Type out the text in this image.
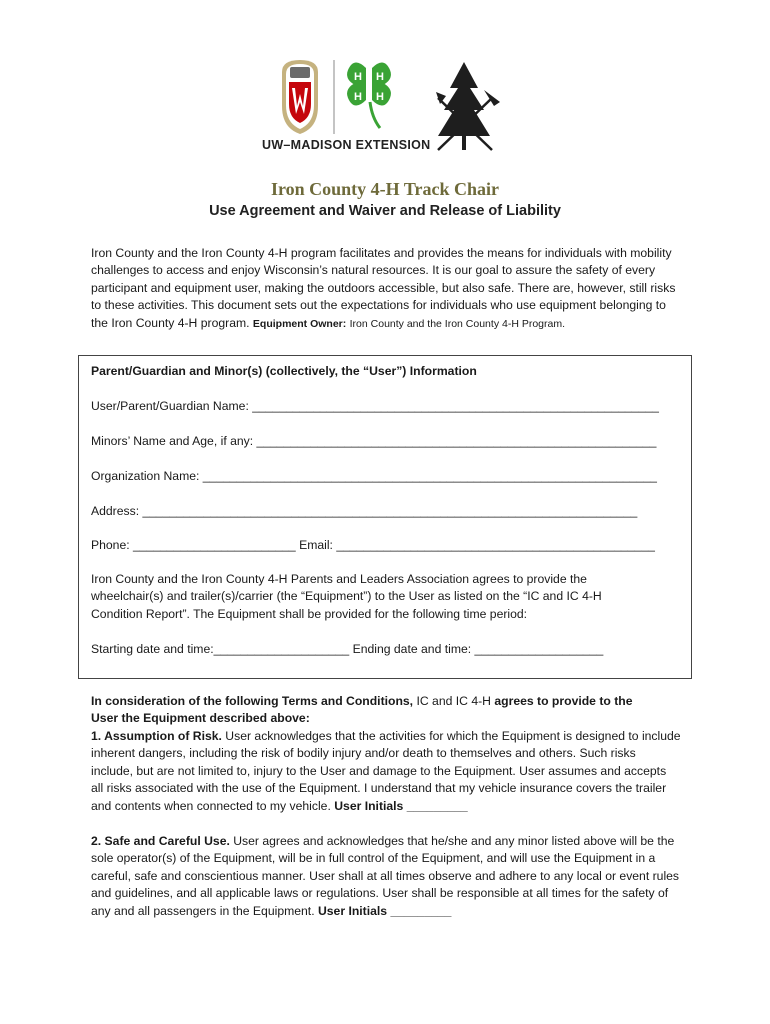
H H
H H
UW–MADISON EXTENSION
Iron County 4-H Track Chair
Use Agreement and Waiver and Release of Liability
Iron County and the Iron County 4-H program facilitates and provides the means for individuals with mobility challenges to access and enjoy Wisconsin’s natural resources. It is our goal to assure the safety of every participant and equipment user, making the outdoors accessible, but also safe. There are, however, still risks to these activities. This document sets out the expectations for individuals who use equipment belonging to the Iron County 4-H program. Equipment Owner: Iron County and the Iron County 4-H Program.
Parent/Guardian and Minor(s) (collectively, the “User”) Information
User/Parent/Guardian Name: ____________________________________________________________
Minors’ Name and Age, if any: ___________________________________________________________
Organization Name: ___________________________________________________________________
Address: _________________________________________________________________________
Phone: ________________________ Email: _______________________________________________
Iron County and the Iron County 4-H Parents and Leaders Association agrees to provide the wheelchair(s) and trailer(s)/carrier (the “Equipment”) to the User as listed on the “IC and IC 4-H Condition Report”. The Equipment shall be provided for the following time period:
Starting date and time:____________________ Ending date and time: ___________________
In consideration of the following Terms and Conditions, IC and IC 4-H agrees to provide to the User the Equipment described above:
1. Assumption of Risk. User acknowledges that the activities for which the Equipment is designed to include inherent dangers, including the risk of bodily injury and/or death to themselves and others. Such risks include, but are not limited to, injury to the User and damage to the Equipment. User assumes and accepts all risks associated with the use of the Equipment. I understand that my vehicle insurance covers the trailer and contents when connected to my vehicle. User Initials _________
2. Safe and Careful Use. User agrees and acknowledges that he/she and any minor listed above will be the sole operator(s) of the Equipment, will be in full control of the Equipment, and will use the Equipment in a careful, safe and conscientious manner. User shall at all times observe and adhere to any local or event rules and guidelines, and all applicable laws or regulations. User shall be responsible at all times for the safety of any and all passengers in the Equipment. User Initials _________
